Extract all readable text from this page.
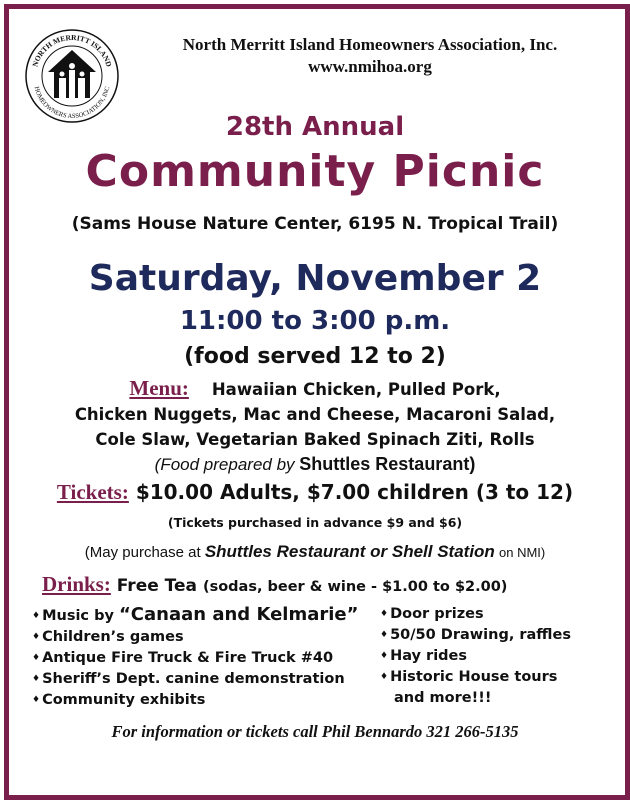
NORTH MERRITT ISLAND
HOMEOWNERS ASSOCIATION, INC
North Merritt Island Homeowners Association, Inc.
www.nmihoa.org
28th Annual
Community Picnic
(Sams House Nature Center, 6195 N. Tropical Trail)
Saturday, November 2
11:00 to 3:00 p.m.
(food served 12 to 2)
Menu: Hawaiian Chicken, Pulled Pork,
Chicken Nuggets, Mac and Cheese, Macaroni Salad,
Cole Slaw, Vegetarian Baked Spinach Ziti, Rolls
(Food prepared by Shuttles Restaurant)
Tickets: $10.00 Adults, $7.00 children (3 to 12)
(Tickets purchased in advance $9 and $6)
(May purchase at Shuttles Restaurant or Shell Station on NMI)
Drinks: Free Tea (sodas, beer & wine - $1.00 to $2.00)
♦ Music by “Canaan and Kelmarie”
♦ Children’s games
♦ Antique Fire Truck & Fire Truck #40
♦ Sheriff’s Dept. canine demonstration
♦ Community exhibits
♦ Door prizes
♦ 50/50 Drawing, raffles
♦ Hay rides
♦ Historic House tours
and more!!!
For information or tickets call Phil Bennardo 321 266-5135
